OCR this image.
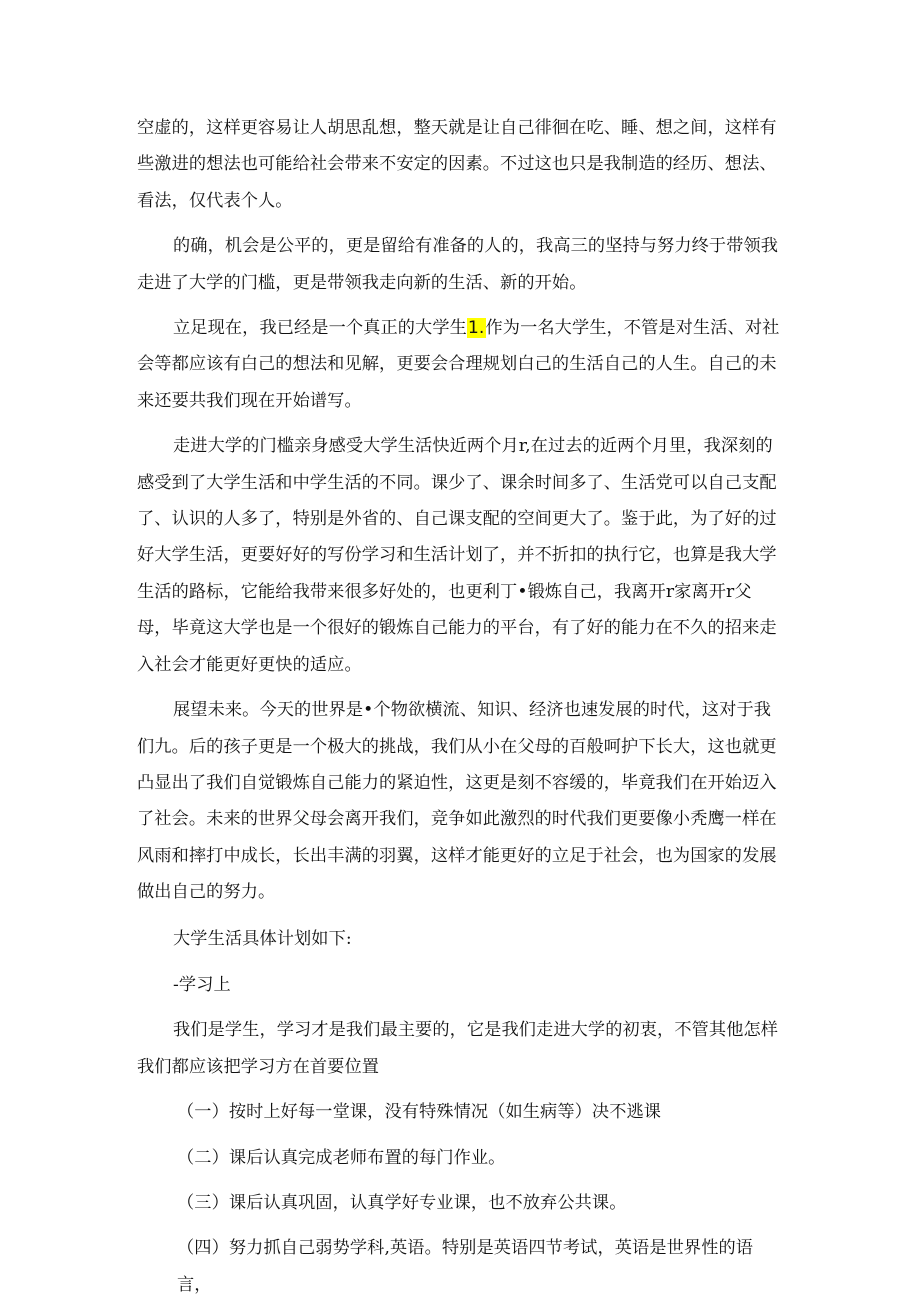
空虚的，这样更容易让人胡思乱想，整天就是让自己徘徊在吃、睡、想之间，这样有些激进的想法也可能给社会带来不安定的因素。不过这也只是我制造的经历、想法、看法，仅代表个人。

的确，机会是公平的，更是留给有准备的人的，我高三的坚持与努力终于带领我走进了大学的门槛，更是带领我走向新的生活、新的开始。

立足现在，我已经是一个真正的大学生1.作为一名大学生，不管是对生活、对社会等都应该有白己的想法和见解，更要会合理规划白己的生活自己的人生。自己的未来还要共我们现在开始谱写。

走进大学的门槛亲身感受大学生活快近两个月r,在过去的近两个月里，我深刻的感受到了大学生活和中学生活的不同。课少了、课余时间多了、生活党可以自己支配了、认识的人多了，特别是外省的、自己课支配的空间更大了。鉴于此，为了好的过好大学生活，更要好好的写份学习和生活计划了，并不折扣的执行它，也算是我大学生活的路标，它能给我带来很多好处的，也更利丁•锻炼自己，我离开r家离开r父母，毕竟这大学也是一个很好的锻炼自己能力的平台，有了好的能力在不久的招来走入社会才能更好更快的适应。

展望未来。今天的世界是•个物欲横流、知识、经济也速发展的时代，这对于我们九。后的孩子更是一个极大的挑战，我们从小在父母的百般呵护下长大，这也就更凸显出了我们自觉锻炼自己能力的紧迫性，这更是刻不容缓的，毕竟我们在开始迈入了社会。未来的世界父母会离开我们，竞争如此激烈的时代我们更要像小秃鹰一样在风雨和摔打中成长，长出丰满的羽翼，这样才能更好的立足于社会，也为国家的发展做出自己的努力。

大学生活具体计划如下:

-学习上

我们是学生，学习才是我们最主要的，它是我们走进大学的初衷，不管其他怎样我们都应该把学习方在首要位置

（一）按时上好每一堂课，没有特殊情况（如生病等）决不逃课

（二）课后认真完成老师布置的每门作业。

（三）课后认真巩固，认真学好专业课，也不放弃公共课。

（四）努力抓自己弱势学科,英语。特别是英语四节考试，英语是世界性的语言，
